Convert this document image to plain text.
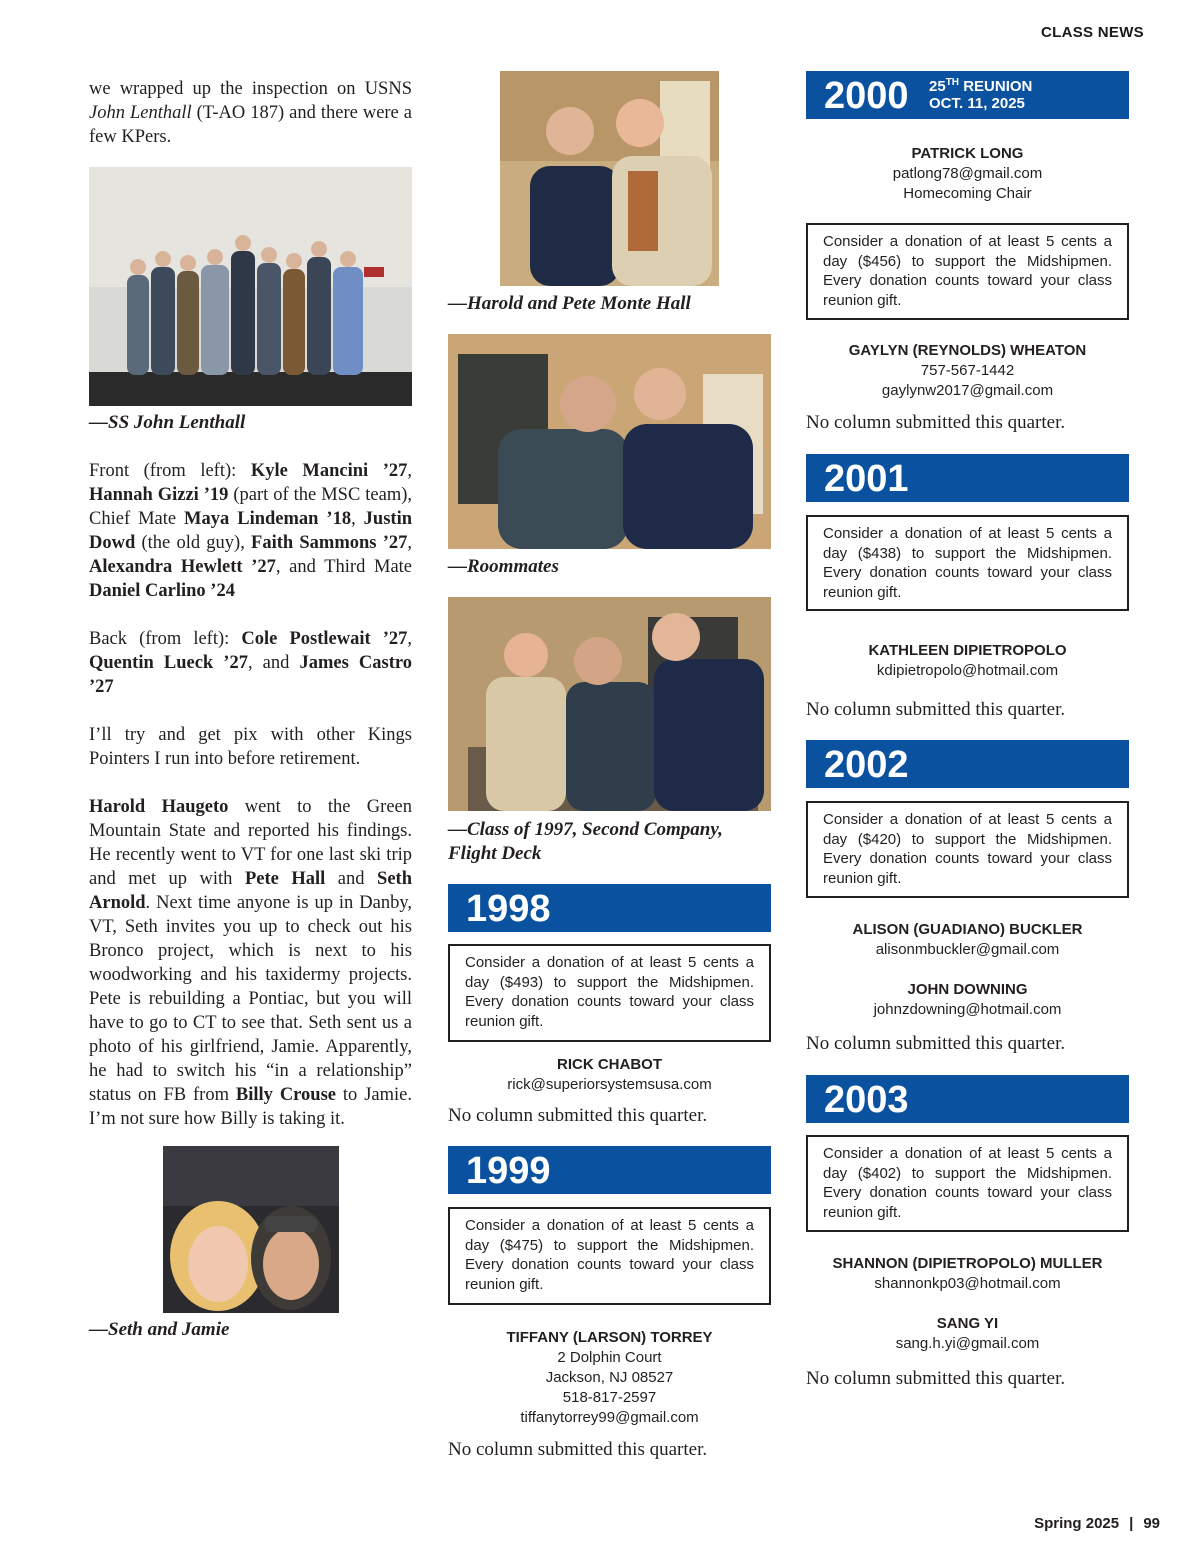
CLASS NEWS
we wrapped up the inspection on USNS John Lenthall (T-AO 187) and there were a few KPers.
—SS John Lenthall
Front (from left): Kyle Mancini ’27, Hannah Gizzi ’19 (part of the MSC team), Chief Mate Maya Lindeman ’18, Justin Dowd (the old guy), Faith Sammons ’27, Alexandra Hewlett ’27, and Third Mate Daniel Carlino ’24
Back (from left): Cole Postlewait ’27, Quentin Lueck ’27, and James Castro ’27
I’ll try and get pix with other Kings Pointers I run into before retirement.
Harold Haugeto went to the Green Mountain State and reported his findings. He recently went to VT for one last ski trip and met up with Pete Hall and Seth Arnold. Next time anyone is up in Danby, VT, Seth invites you up to check out his Bronco project, which is next to his woodworking and his taxidermy projects. Pete is rebuilding a Pontiac, but you will have to go to CT to see that. Seth sent us a photo of his girlfriend, Jamie. Apparently, he had to switch his “in a relationship” status on FB from Billy Crouse to Jamie. I’m not sure how Billy is taking it.
—Seth and Jamie
—Harold and Pete Monte Hall
—Roommates
—Class of 1997, Second Company, Flight Deck
1998
Consider a donation of at least 5 cents a day ($493) to support the Midshipmen. Every donation counts toward your class reunion gift.
RICK CHABOT
rick@superiorsystemsusa.com
No column submitted this quarter.
1999
Consider a donation of at least 5 cents a day ($475) to support the Midshipmen. Every donation counts toward your class reunion gift.
TIFFANY (LARSON) TORREY
2 Dolphin Court
Jackson, NJ 08527
518-817-2597
tiffanytorrey99@gmail.com
No column submitted this quarter.
2000 25TH REUNION
OCT. 11, 2025
PATRICK LONG
patlong78@gmail.com
Homecoming Chair
Consider a donation of at least 5 cents a day ($456) to support the Midshipmen. Every donation counts toward your class reunion gift.
GAYLYN (REYNOLDS) WHEATON
757-567-1442
gaylynw2017@gmail.com
No column submitted this quarter.
2001
Consider a donation of at least 5 cents a day ($438) to support the Midshipmen. Every donation counts toward your class reunion gift.
KATHLEEN DIPIETROPOLO
kdipietropolo@hotmail.com
No column submitted this quarter.
2002
Consider a donation of at least 5 cents a day ($420) to support the Midshipmen. Every donation counts toward your class reunion gift.
ALISON (GUADIANO) BUCKLER
alisonmbuckler@gmail.com
JOHN DOWNING
johnzdowning@hotmail.com
No column submitted this quarter.
2003
Consider a donation of at least 5 cents a day ($402) to support the Midshipmen. Every donation counts toward your class reunion gift.
SHANNON (DIPIETROPOLO) MULLER
shannonkp03@hotmail.com
SANG YI
sang.h.yi@gmail.com
No column submitted this quarter.
Spring 2025 | 99
